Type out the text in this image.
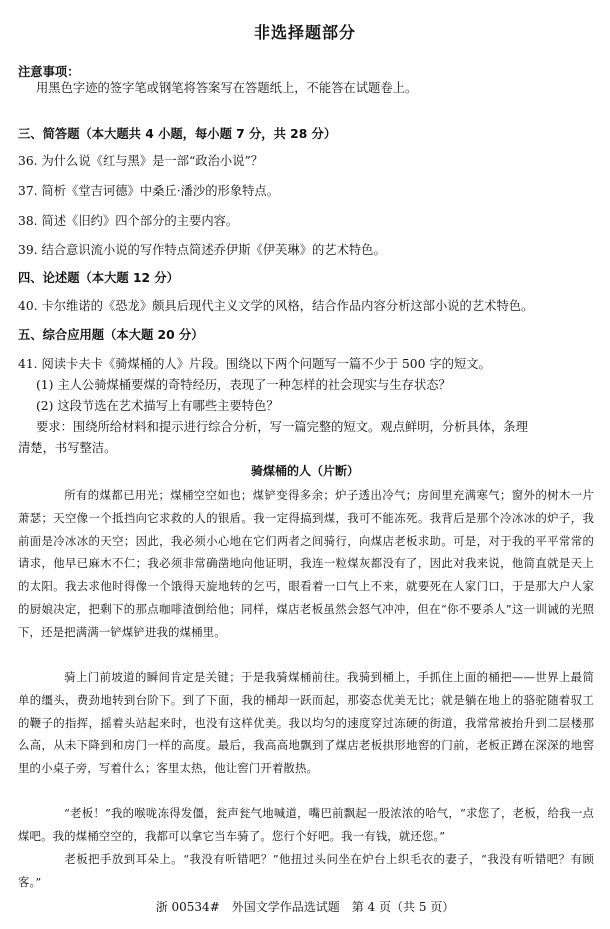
非选择题部分
注意事项：
用黑色字迹的签字笔或钢笔将答案写在答题纸上，不能答在试题卷上。
三、简答题（本大题共 4 小题，每小题 7 分，共 28 分）
36. 为什么说《红与黑》是一部“政治小说”？
37. 简析《堂吉诃德》中桑丘·潘沙的形象特点。
38. 简述《旧约》四个部分的主要内容。
39. 结合意识流小说的写作特点简述乔伊斯《伊芙琳》的艺术特色。
四、论述题（本大题 12 分）
40. 卡尔维诺的《恐龙》颇具后现代主义文学的风格，结合作品内容分析这部小说的艺术特色。
五、综合应用题（本大题 20 分）
41. 阅读卡夫卡《骑煤桶的人》片段。围绕以下两个问题写一篇不少于 500 字的短文。
(1) 主人公骑煤桶要煤的奇特经历，表现了一种怎样的社会现实与生存状态？
(2) 这段节选在艺术描写上有哪些主要特色？
要求：围绕所给材料和提示进行综合分析，写一篇完整的短文。观点鲜明，分析具体，条理
清楚，书写整洁。
骑煤桶的人（片断）
所有的煤都已用光；煤桶空空如也；煤铲变得多余；炉子透出冷气；房间里充满寒气；窗外的树木一片萧瑟；天空像一个抵挡向它求救的人的银盾。我一定得搞到煤，我可不能冻死。我背后是那个冷冰冰的炉子，我前面是冷冰冰的天空；因此，我必须小心地在它们两者之间骑行，向煤店老板求助。可是，对于我的平平常常的请求，他早已麻木不仁；我必须非常确凿地向他证明，我连一粒煤灰都没有了，因此对我来说，他简直就是天上的太阳。我去求他时得像一个饿得天旋地转的乞丐，眼看着一口气上不来，就要死在人家门口，于是那大户人家的厨娘决定，把剩下的那点咖啡渣倒给他；同样，煤店老板虽然会怒气冲冲，但在“你不要杀人”这一训诫的光照下，还是把满满一铲煤铲进我的煤桶里。
骑上门前坡道的瞬间肯定是关键；于是我骑煤桶前往。我骑到桶上，手抓住上面的桶把——世界上最简单的缰头，费劲地转到台阶下。到了下面，我的桶却一跃而起，那姿态优美无比；就是躺在地上的骆驼随着驭工的鞭子的指挥，摇着头站起来时，也没有这样优美。我以均匀的速度穿过冻硬的街道，我常常被抬升到二层楼那么高，从未下降到和房门一样的高度。最后，我高高地飘到了煤店老板拱形地窖的门前，老板正蹲在深深的地窖里的小桌子旁，写着什么；客里太热，他让窖门开着散热。
“老板！”我的喉咙冻得发僵，瓮声瓮气地喊道，嘴巴前飘起一股浓浓的哈气，“求您了，老板，给我一点煤吧。我的煤桶空空的，我都可以拿它当车骑了。您行个好吧。我一有钱，就还您。”
老板把手放到耳朵上。“我没有听错吧？”他扭过头问坐在炉台上织毛衣的妻子，“我没有听错吧？有顾客。”
浙 00534#　外国文学作品选试题　第 4 页（共 5 页）
